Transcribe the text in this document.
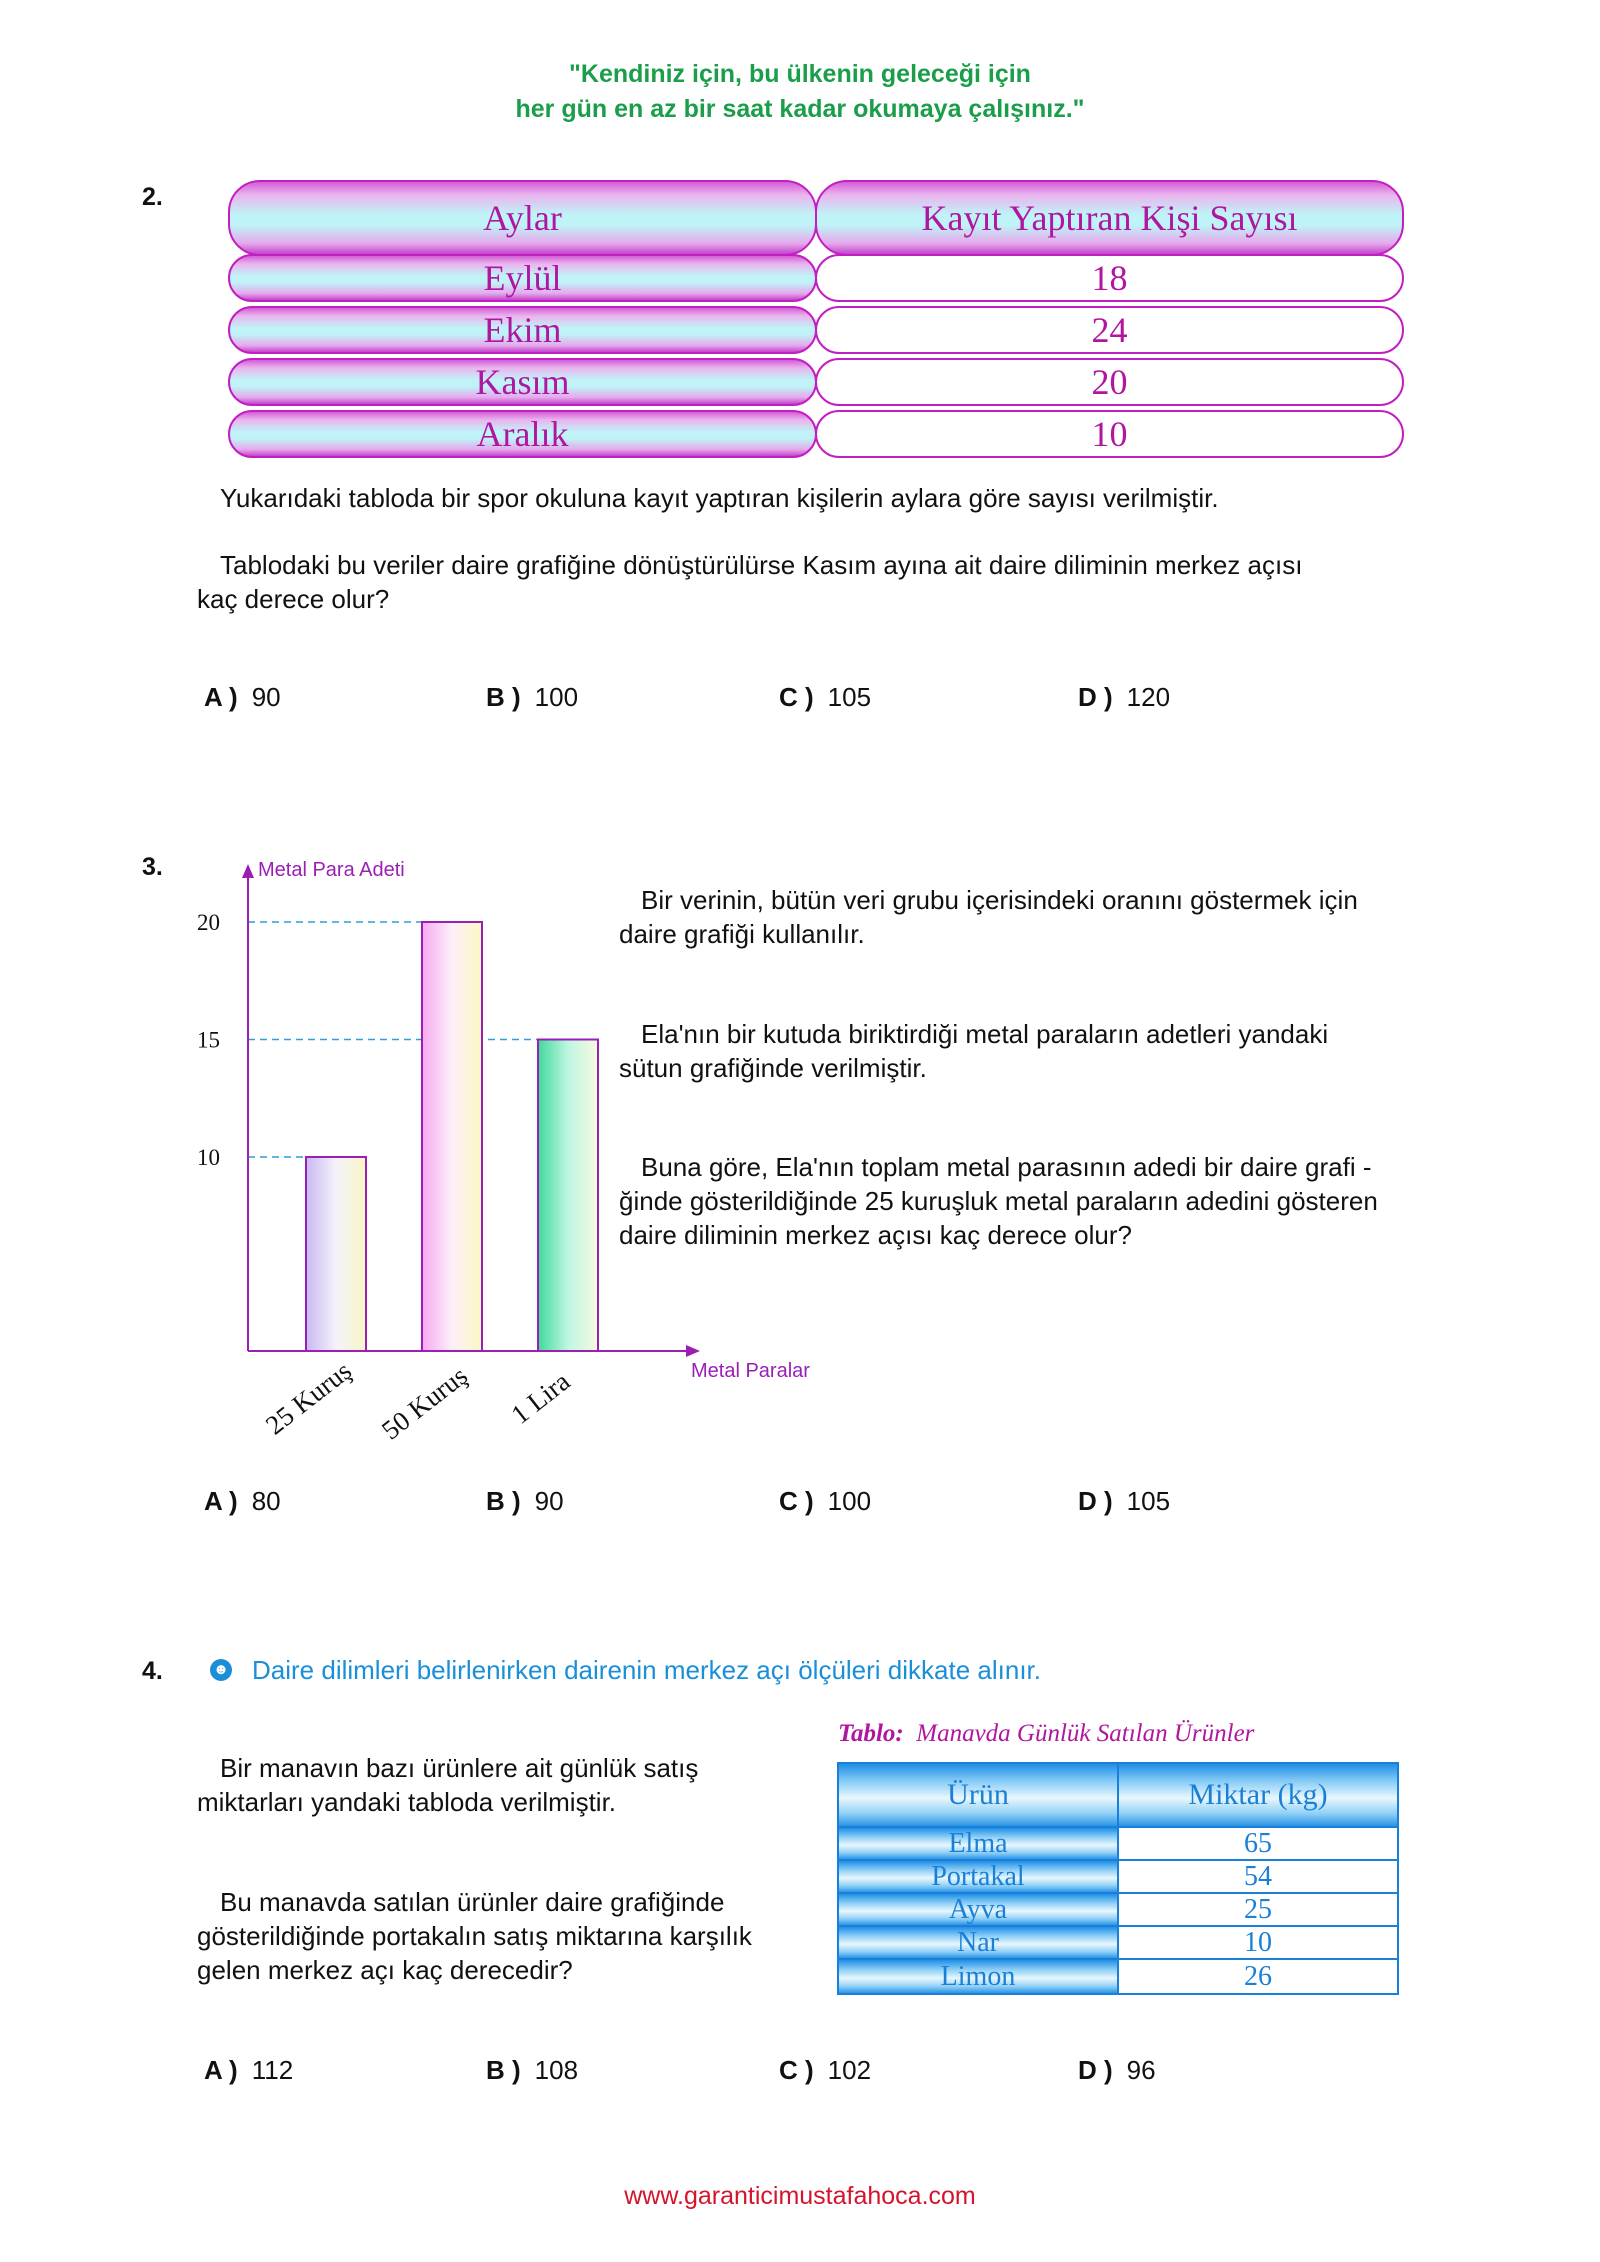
"Kendiniz için, bu ülkenin geleceği için
her gün en az bir saat kadar okumaya çalışınız."
2.
Aylar	Kayıt Yaptıran Kişi Sayısı
Eylül	18
Ekim	24
Kasım	20
Aralık	10
Yukarıdaki tabloda bir spor okuluna kayıt yaptıran kişilerin aylara göre sayısı verilmiştir.
Tablodaki bu veriler daire grafiğine dönüştürülürse Kasım ayına ait daire diliminin merkez açısı
kaç derece olur?
A ) 90	B ) 100	C ) 105	D ) 120
3.	Metal Para Adeti
Metal Paralar
10
15
20
25 Kuruş 50 Kuruş 1 Lira
Bir verinin, bütün veri grubu içerisindeki oranını göstermek için
daire grafiği kullanılır.
Ela'nın bir kutuda biriktirdiği metal paraların adetleri yandaki
sütun grafiğinde verilmiştir.
Buna göre, Ela'nın toplam metal parasının adedi bir daire grafi -
ğinde gösterildiğinde 25 kuruşluk metal paraların adedini gösteren
daire diliminin merkez açısı kaç derece olur?
A ) 80	B ) 90	C ) 100	D ) 105
4.	☻ Daire dilimleri belirlenirken dairenin merkez açı ölçüleri dikkate alınır.
Tablo: Manavda Günlük Satılan Ürünler
Ürün	Miktar (kg)
Elma	65
Portakal	54
Ayva	25
Nar	10
Limon	26
Bir manavın bazı ürünlere ait günlük satış
miktarları yandaki tabloda verilmiştir.
Bu manavda satılan ürünler daire grafiğinde
gösterildiğinde portakalın satış miktarına karşılık
gelen merkez açı kaç derecedir?
A ) 112	B ) 108	C ) 102	D ) 96
www.garanticimustafahoca.com
